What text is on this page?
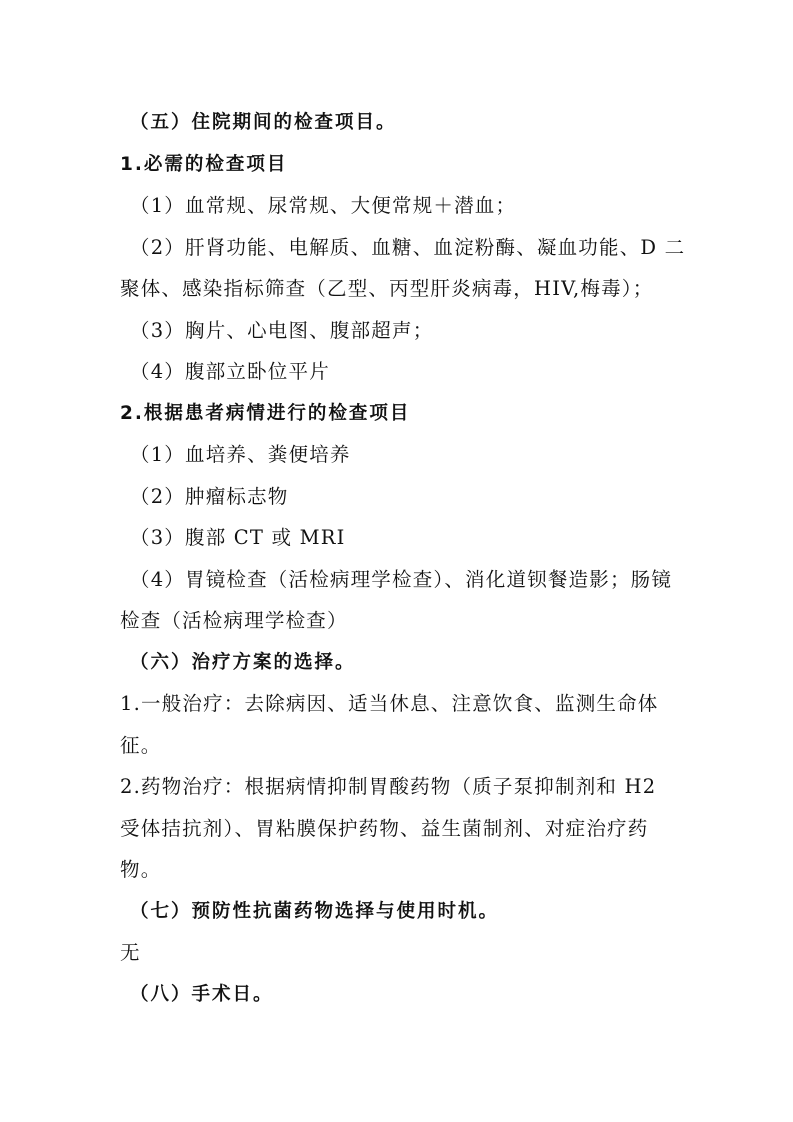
（五）住院期间的检查项目。
1.必需的检查项目
（1）血常规、尿常规、大便常规＋潜血；
（2）肝肾功能、电解质、血糖、血淀粉酶、凝血功能、D 二
聚体、感染指标筛查（乙型、丙型肝炎病毒，HIV,梅毒）；
（3）胸片、心电图、腹部超声；
（4）腹部立卧位平片
2.根据患者病情进行的检查项目
（1）血培养、粪便培养
（2）肿瘤标志物
（3）腹部 CT 或 MRI
（4）胃镜检查（活检病理学检查）、消化道钡餐造影；肠镜
检查（活检病理学检查）
（六）治疗方案的选择。
1.一般治疗：去除病因、适当休息、注意饮食、监测生命体
征。
2.药物治疗：根据病情抑制胃酸药物（质子泵抑制剂和 H2
受体拮抗剂）、胃粘膜保护药物、益生菌制剂、对症治疗药
物。
（七）预防性抗菌药物选择与使用时机。
无
（八）手术日。
